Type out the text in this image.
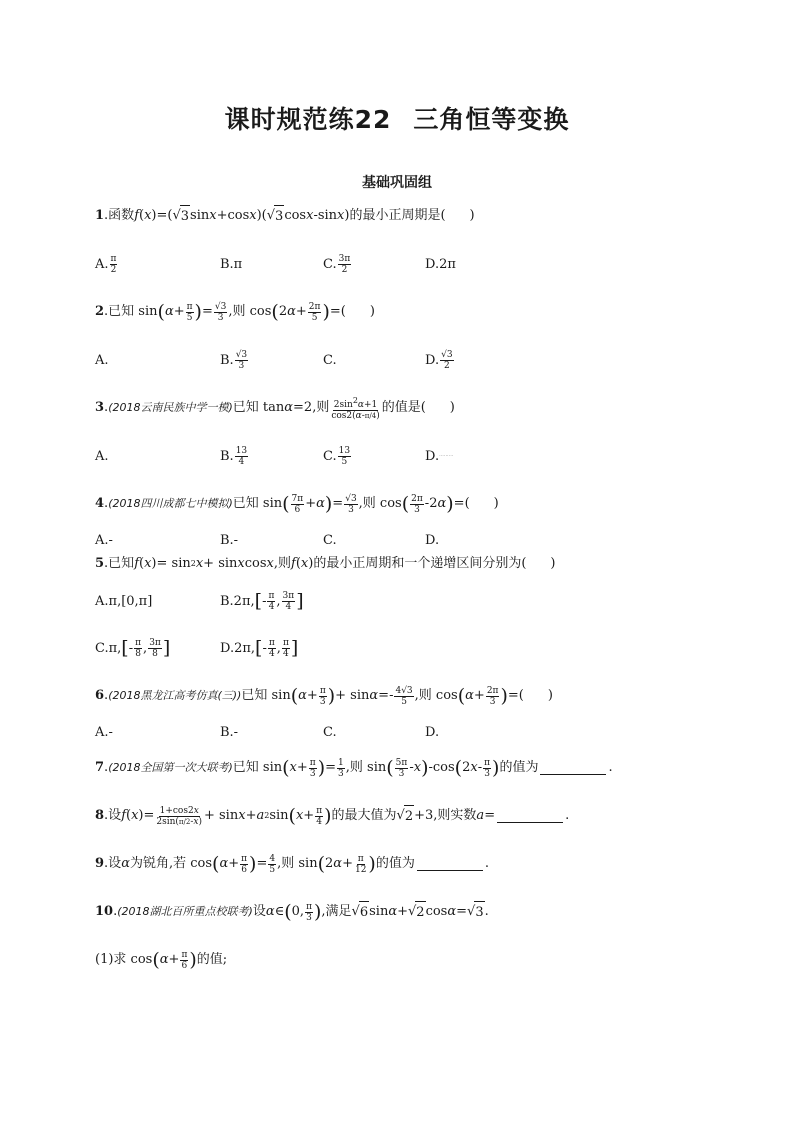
课时规范练22 三角恒等变换
基础巩固组
1 .函数 f ( x )=(√ 3 sin x +cos x )(√ 3 cos x -sin x )的最小正周期是( )
A. $\frac{\pi}{2}$	B.π	C. $\frac{3\pi}{2}$	D.2π
2 .已知 sin ( $\alpha + \frac{\pi}{5}$ ) = $\frac{√3}{3}$ ,则 cos ( 2 $\alpha + \frac{2\pi}{5}$ ) =( )
A.	B. $\frac{√3}{3}$	C.	D. $\frac{√3}{2}$
3 . (2018云南民族中学一模) 已知 tan α =2,则 $\frac{2\sin^2\alpha+1}{\cos 2(\alpha-\pi/4)}$ 的值是( )
A.	B. $\frac{13}{4}$	C. $\frac{13}{5}$	D. ·········
4 . (2018四川成都七中模拟) 已知 sin ( $\frac{7\pi}{6} + \alpha$ ) = $\frac{√3}{3}$ ,则 cos ( $\frac{2\pi}{3} -2$ α ) =( )
A.-	B.-	C.	D.
5 .已知 f ( x )= sin 2 x + sin x cos x ,则 f ( x )的最小正周期和一个递增区间分别为( )
A.π,[0,π]	B.2π, [ - $\frac{\pi}{4}$ , $\frac{3\pi}{4}$ ]
C.π, [ - $\frac{\pi}{8}$ , $\frac{3\pi}{8}$ ]	D.2π, [ - $\frac{\pi}{4}$ , $\frac{\pi}{4}$ ]
6 . (2018黑龙江高考仿真(三)) 已知 sin ( $\alpha + \frac{\pi}{3}$ ) + $\sin \alpha =- \frac{4√3}{5}$ ,则 cos ( $\alpha + \frac{2\pi}{3}$ ) =( )
A.-	B.-	C.	D.
7 . (2018全国第一次大联考) 已知 sin ( $x + \frac{\pi}{3}$ ) = $\frac{1}{3}$ ,则 sin ( $\frac{5\pi}{3}$ - x ) -cos ( 2 x - $\frac{\pi}{3}$ ) 的值为	.
8 .设 f ( x )= $\frac{1+\cos 2x}{2\sin(\pi/2-x)} + \sin x + a$ 2 sin ( $x + \frac{\pi}{4}$ ) 的最大值为√ 2 +3,则实数 a =	.
9 .设 α 为锐角,若 cos ( $\alpha + \frac{\pi}{6}$ ) = $\frac{4}{5}$ ,则 sin ( 2 $\alpha + \frac{\pi}{12}$ ) 的值为	.
10 . (2018湖北百所重点校联考) 设 α ∈ ( 0, $\frac{\pi}{3}$ ) ,满足√ 6 sin α +√ 2 cos α =√ 3 .
(1)求 cos ( $\alpha + \frac{\pi}{6}$ ) 的值;
